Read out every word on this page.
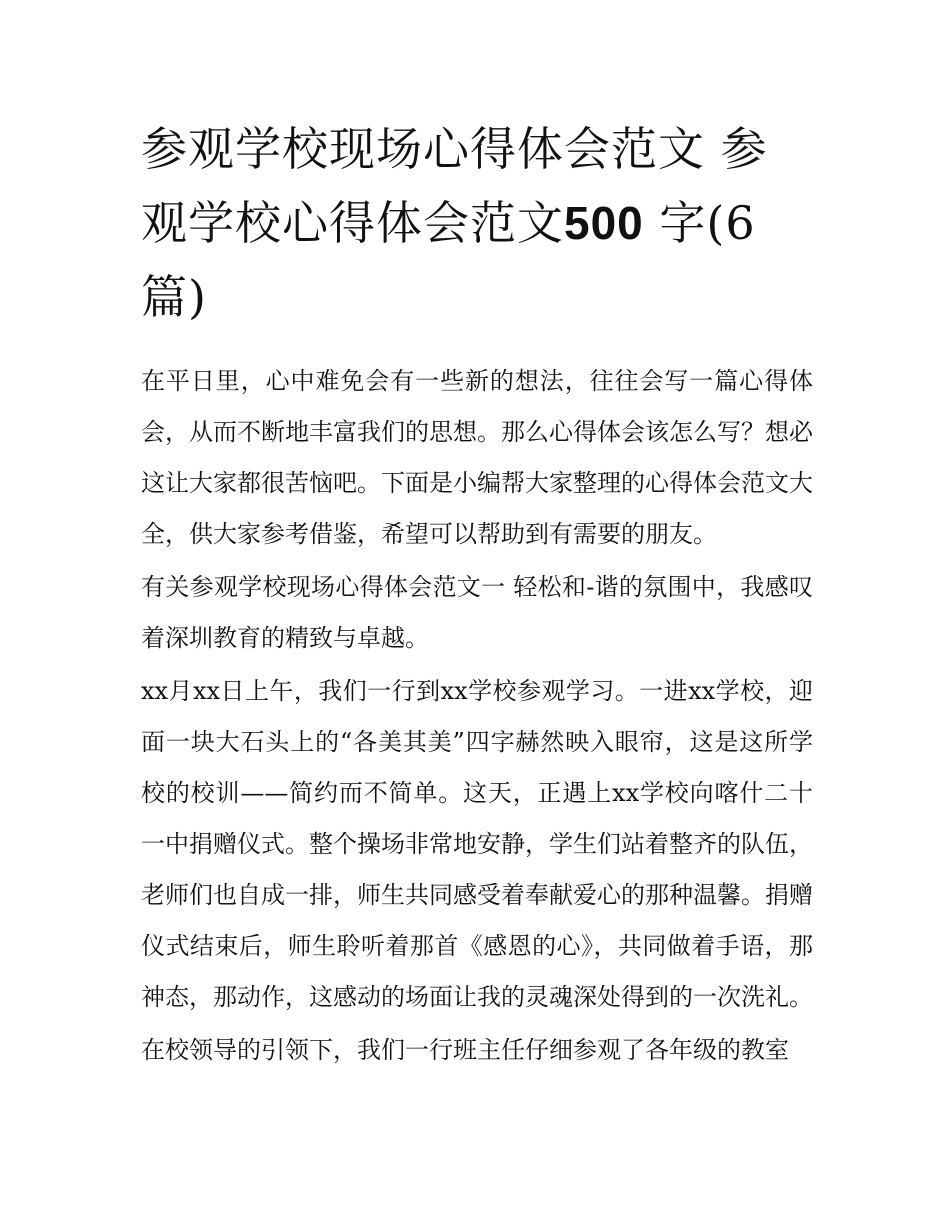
参观学校现场心得体会范文 参观学校心得体会范文500 字(6篇)

在平日里，心中难免会有一些新的想法，往往会写一篇心得体会，从而不断地丰富我们的思想。那么心得体会该怎么写？想必这让大家都很苦恼吧。下面是小编帮大家整理的心得体会范文大全，供大家参考借鉴，希望可以帮助到有需要的朋友。

有关参观学校现场心得体会范文一 轻松和-谐的氛围中，我感叹着深圳教育的精致与卓越。

xx月xx日上午，我们一行到xx学校参观学习。一进xx学校，迎面一块大石头上的“各美其美”四字赫然映入眼帘，这是这所学校的校训——简约而不简单。这天，正遇上xx学校向喀什二十一中捐赠仪式。整个操场非常地安静，学生们站着整齐的队伍，老师们也自成一排，师生共同感受着奉献爱心的那种温馨。捐赠仪式结束后，师生聆听着那首《感恩的心》，共同做着手语，那神态，那动作，这感动的场面让我的灵魂深处得到的一次洗礼。

在校领导的引领下，我们一行班主任仔细参观了各年级的教室
